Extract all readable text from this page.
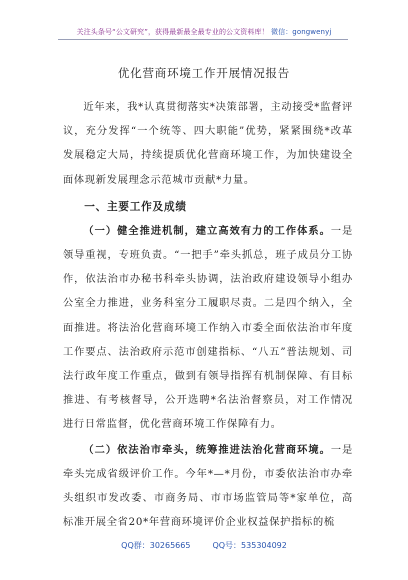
关注头条号“公文研究”，获得最新最全最专业的公文资料库！ 微信：gongwenyj
优化营商环境工作开展情况报告

近年来，我*认真贯彻落实*决策部署，主动接受*监督评议，充分发挥“一个统等、四大职能”优势，紧紧围绕*改革发展稳定大局，持续提质优化营商环境工作，为加快建设全面体现新发展理念示范城市贡献*力量。

一、主要工作及成绩

（一）健全推进机制，建立高效有力的工作体系。一是领导重视，专班负责。“一把手”牵头抓总，班子成员分工协作，依法治市办秘书科牵头协调，法治政府建设领导小组办公室全力推进，业务科室分工履职尽责。二是四个纳入，全面推进。将法治化营商环境工作纳入市委全面依法治市年度工作要点、法治政府示范市创建指标、“八五”普法规划、司法行政年度工作重点，做到有领导指挥有机制保障、有目标推进、有考核督导，公开选聘*名法治督察员，对工作情况进行日常监督，优化营商环境工作保障有力。

（二）依法治市牵头，统筹推进法治化营商环境。一是牵头完成省级评价工作。今年*—*月份，市委依法治市办牵头组织市发改委、市商务局、市市场监管局等*家单位，高标准开展全省20*年营商环境评价企业权益保护指标的梳

QQ群：30265665	QQ号：535304092
